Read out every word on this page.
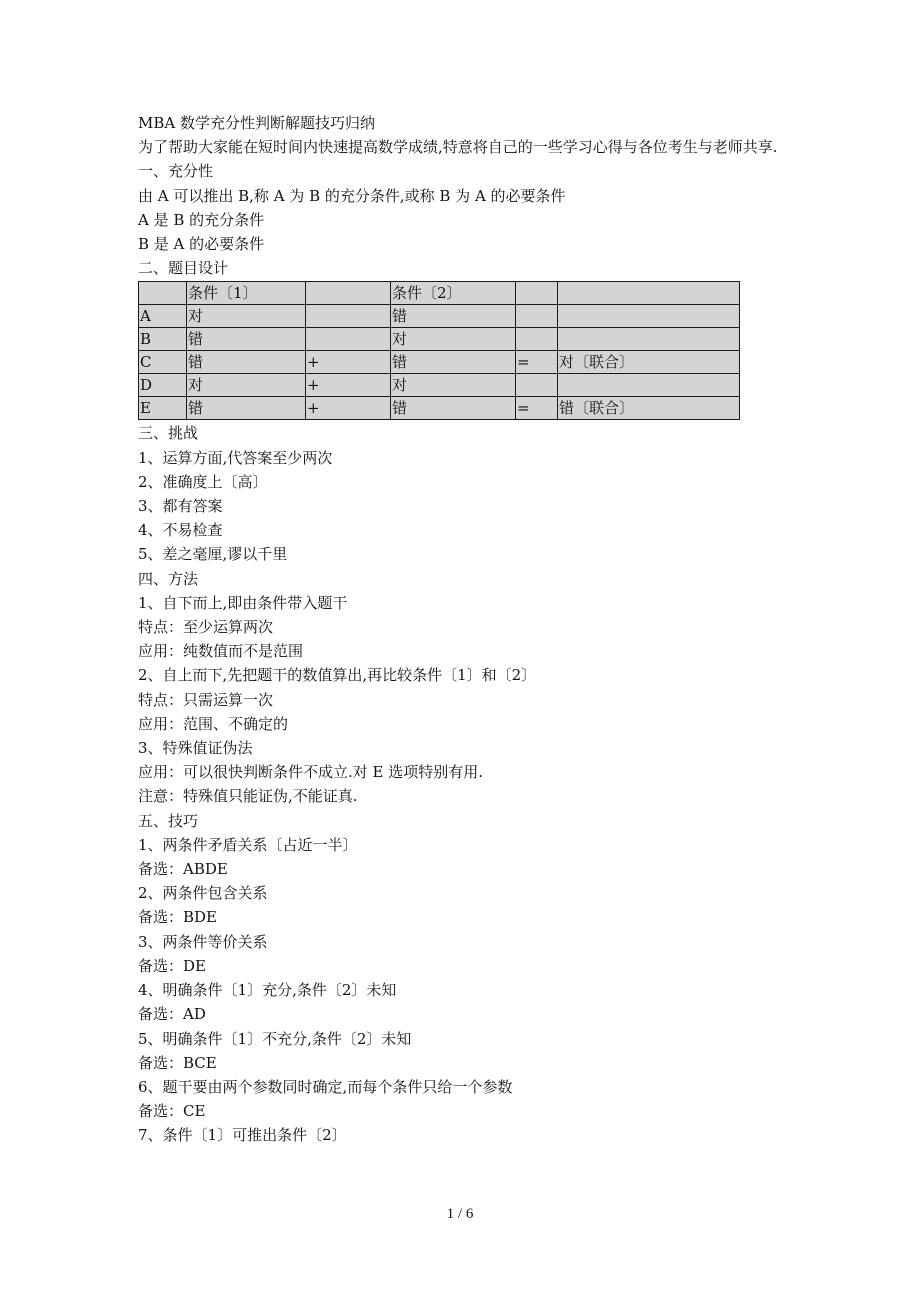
MBA 数学充分性判断解题技巧归纳
为了帮助大家能在短时间内快速提高数学成绩,特意将自己的一些学习心得与各位考生与老师共享.
一、充分性
由 A 可以推出 B,称 A 为 B 的充分条件,或称 B 为 A 的必要条件
A 是 B 的充分条件
B 是 A 的必要条件
二、题目设计
	条件〔1〕		条件〔2〕		
A	对		错		
B	错		对		
C	错	+	错	=	对〔联合〕
D	对	+	对		
E	错	+	错	=	错〔联合〕
三、挑战
1、运算方面,代答案至少两次
2、准确度上〔高〕
3、都有答案
4、不易检查
5、差之毫厘,谬以千里
四、方法
1、自下而上,即由条件带入题干
特点：至少运算两次
应用：纯数值而不是范围
2、自上而下,先把题干的数值算出,再比较条件〔1〕和〔2〕
特点：只需运算一次
应用：范围、不确定的
3、特殊值证伪法
应用：可以很快判断条件不成立.对 E 选项特别有用.
注意：特殊值只能证伪,不能证真.
五、技巧
1、两条件矛盾关系〔占近一半〕
备选：ABDE
2、两条件包含关系
备选：BDE
3、两条件等价关系
备选：DE
4、明确条件〔1〕充分,条件〔2〕未知
备选：AD
5、明确条件〔1〕不充分,条件〔2〕未知
备选：BCE
6、题干要由两个参数同时确定,而每个条件只给一个参数
备选：CE
7、条件〔1〕可推出条件〔2〕
1 / 6
